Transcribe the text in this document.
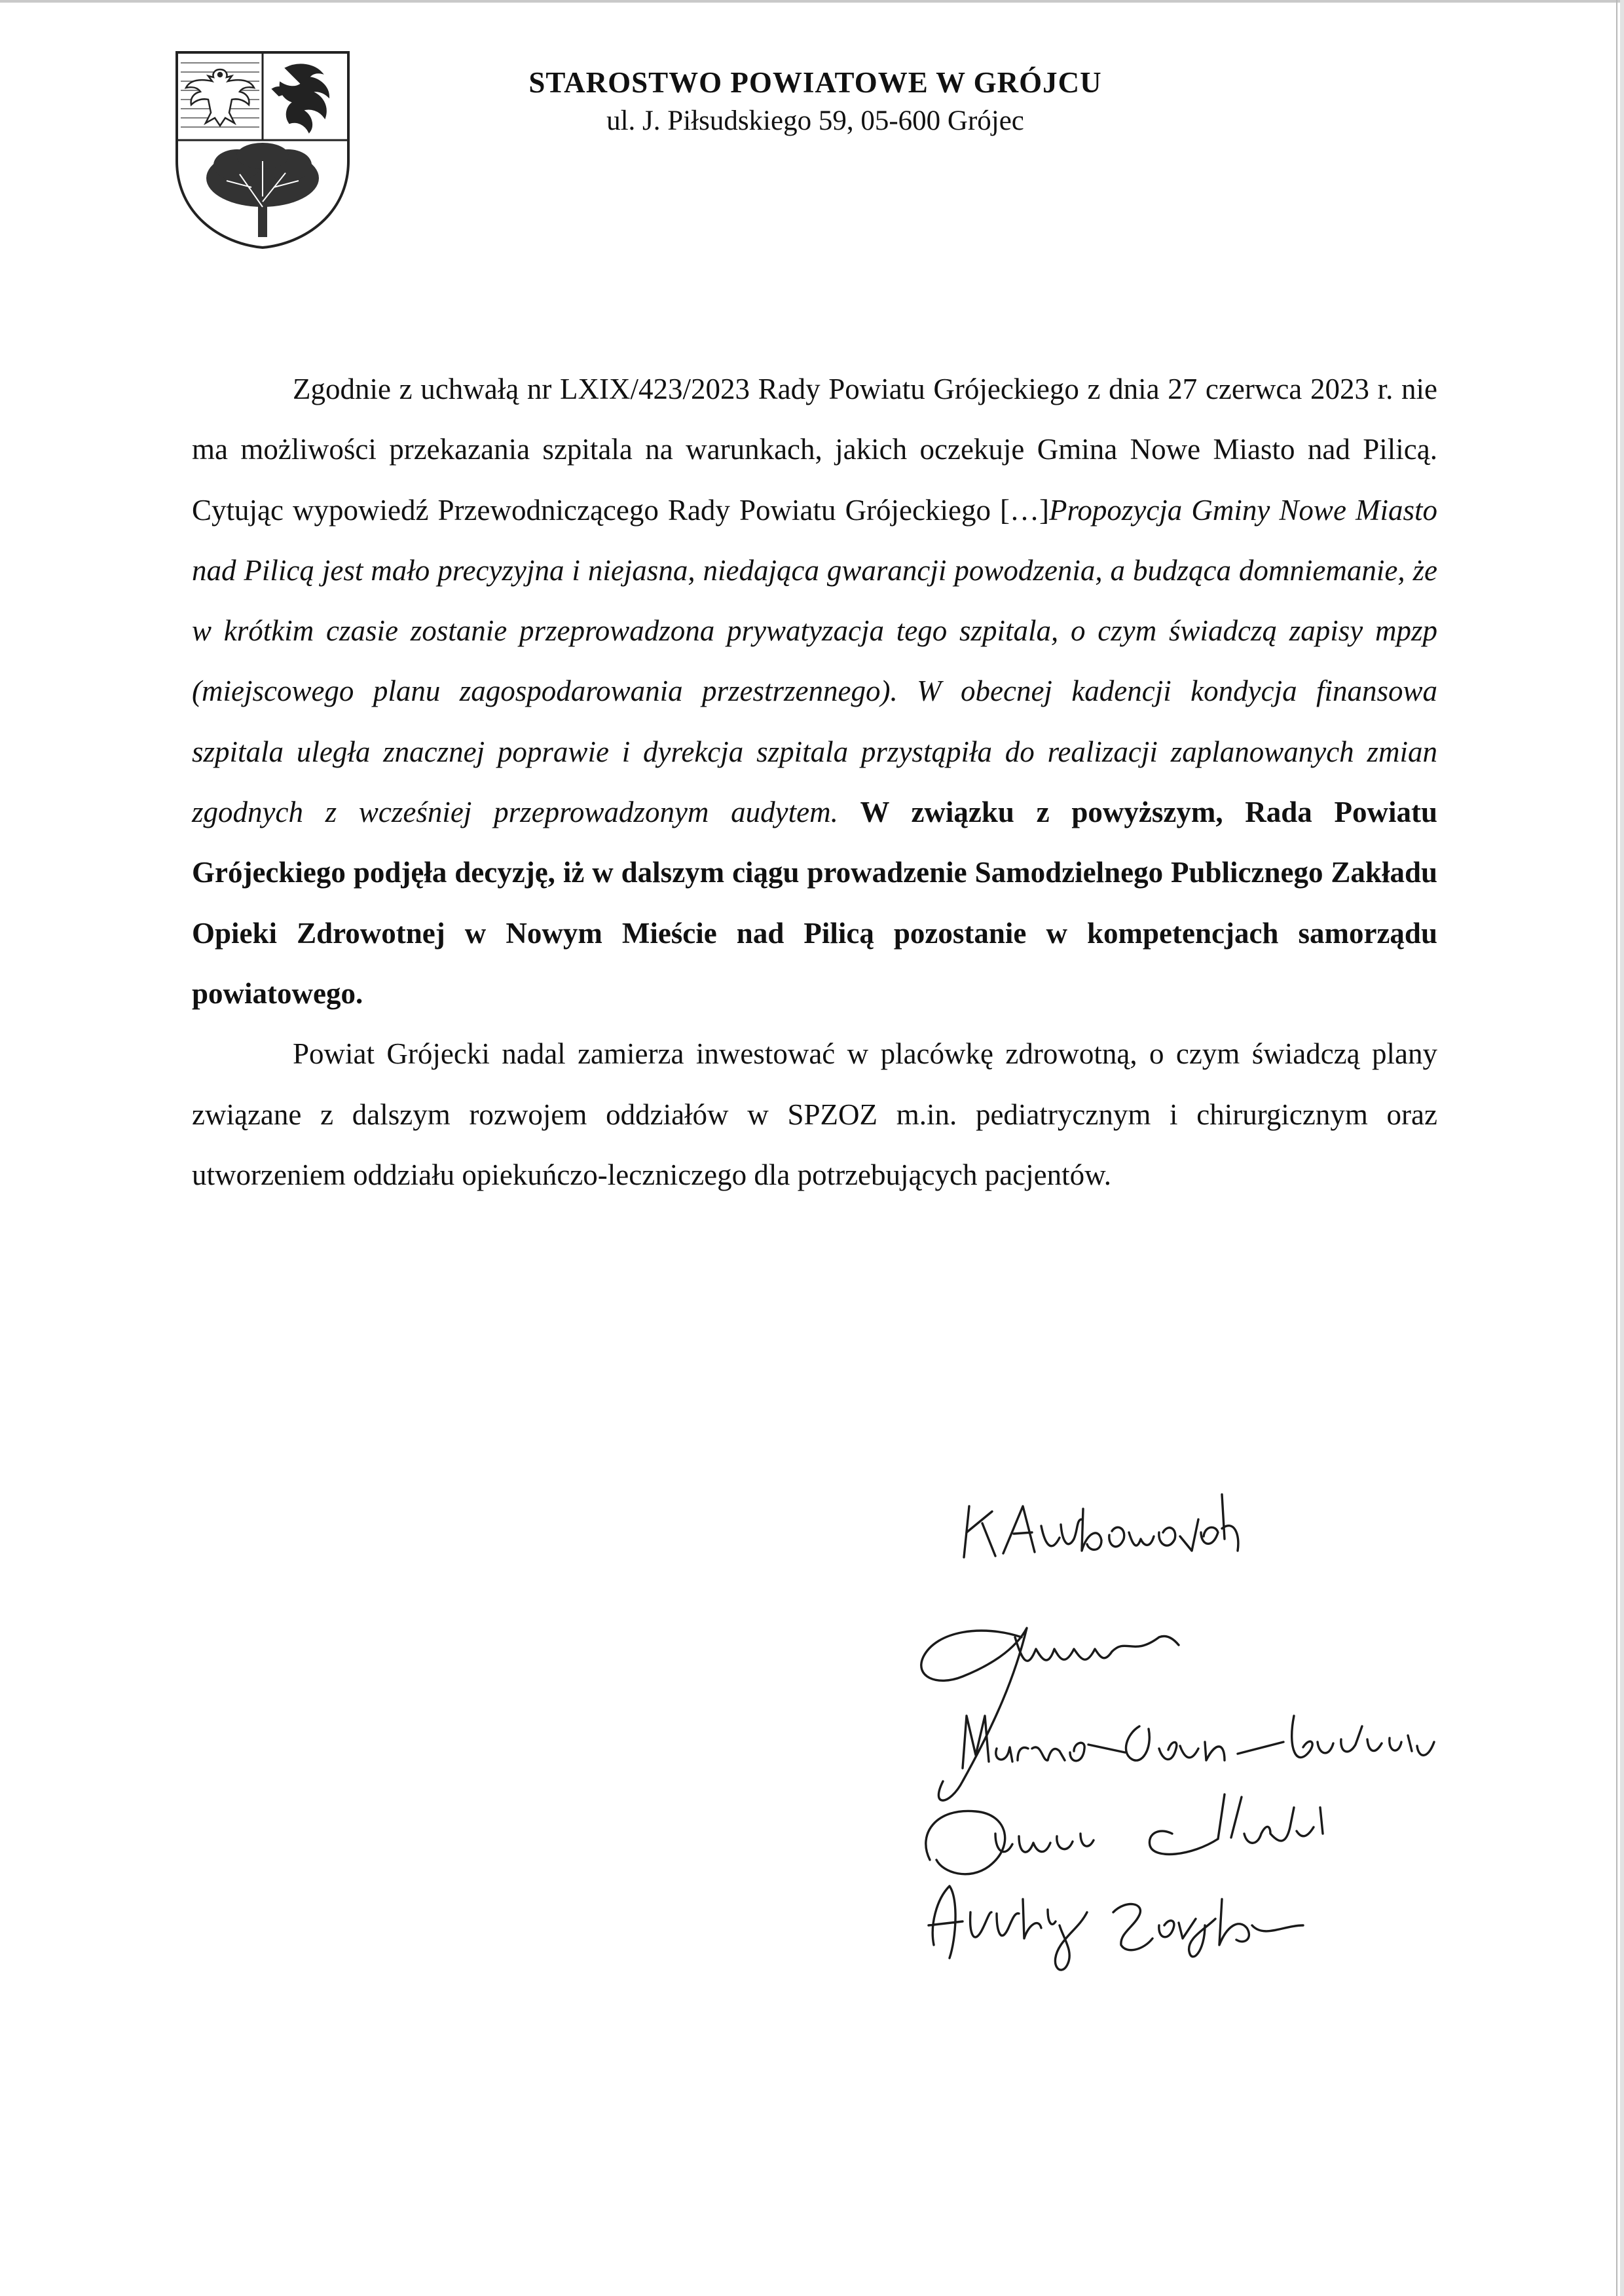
STAROSTWO POWIATOWE W GRÓJCU
ul. J. Piłsudskiego 59, 05-600 Grójec

Zgodnie z uchwałą nr LXIX/423/2023 Rady Powiatu Grójeckiego z dnia 27 czerwca 2023 r. nie ma możliwości przekazania szpitala na warunkach, jakich oczekuje Gmina Nowe Miasto nad Pilicą. Cytując wypowiedź Przewodniczącego Rady Powiatu Grójeckiego […]Propozycja Gminy Nowe Miasto nad Pilicą jest mało precyzyjna i niejasna, niedająca gwarancji powodzenia, a budząca domniemanie, że w krótkim czasie zostanie przeprowadzona prywatyzacja tego szpitala, o czym świadczą zapisy mpzp (miejscowego planu zagospodarowania przestrzennego). W obecnej kadencji kondycja finansowa szpitala uległa znacznej poprawie i dyrekcja szpitala przystąpiła do realizacji zaplanowanych zmian zgodnych z wcześniej przeprowadzonym audytem. W związku z powyższym, Rada Powiatu Grójeckiego podjęła decyzję, iż w dalszym ciągu prowadzenie Samodzielnego Publicznego Zakładu Opieki Zdrowotnej w Nowym Mieście nad Pilicą pozostanie w kompetencjach samorządu powiatowego.

Powiat Grójecki nadal zamierza inwestować w placówkę zdrowotną, o czym świadczą plany związane z dalszym rozwojem oddziałów w SPZOZ m.in. pediatrycznym i chirurgicznym oraz utworzeniem oddziału opiekuńczo-leczniczego dla potrzebujących pacjentów.

K. Ambrożewicz
